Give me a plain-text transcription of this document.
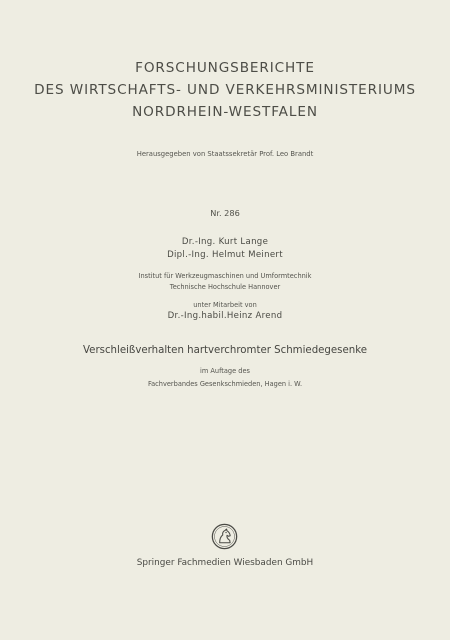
FORSCHUNGSBERICHTE
DES WIRTSCHAFTS- UND VERKEHRSMINISTERIUMS
NORDRHEIN-WESTFALEN
Herausgegeben von Staatssekretär Prof. Leo Brandt
Nr. 286
Dr.-Ing. Kurt Lange
Dipl.-Ing. Helmut Meinert
Institut für Werkzeugmaschinen und Umformtechnik
Technische Hochschule Hannover
unter Mitarbeit von
Dr.-Ing.habil.Heinz Arend
Verschleißverhalten hartverchromter Schmiedegesenke
im Auftage des
Fachverbandes Gesenkschmieden, Hagen i. W.
Springer Fachmedien Wiesbaden GmbH
